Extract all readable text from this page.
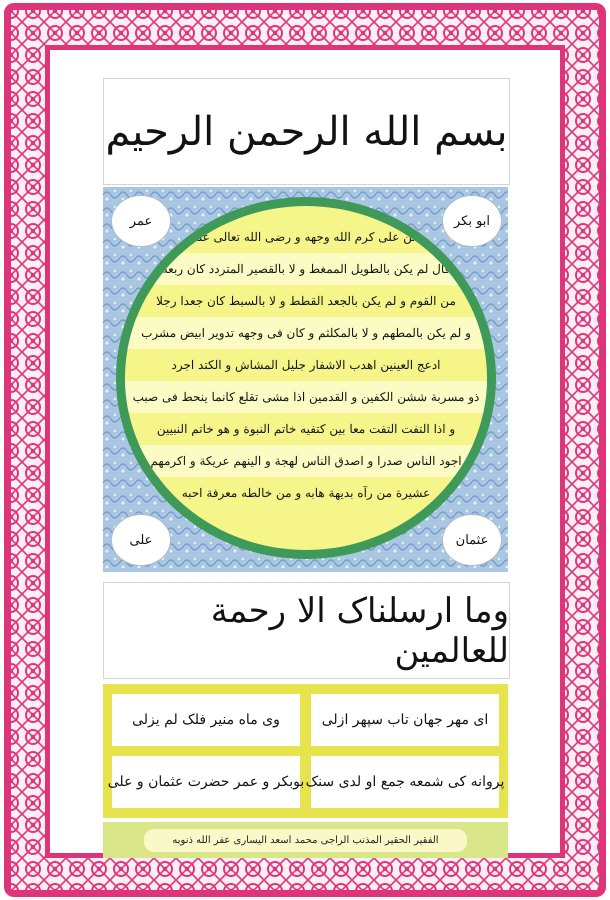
بسم الله الرحمن الرحيم
عمر	ابو بکر
علی	عثمان
عن علی کرم الله وجهه و رضی الله تعالی عنه
قال لم یکن بالطویل الممغط و لا بالقصیر المتردد کان ربعة
من القوم و لم یکن بالجعد القطط و لا بالسبط کان جعدا رجلا
و لم یکن بالمطهم و لا بالمکلثم و کان فی وجهه تدویر ابیض مشرب
ادعج العینین اهدب الاشفار جلیل المشاش و الکتد اجرد
ذو مسربة ششن الکفین و القدمین اذا مشی تقلع کانما ینحط فی صبب
و اذا التفت التفت معا بین کتفیه خاتم النبوة و هو خاتم النبیین
اجود الناس صدرا و اصدق الناس لهجة و الینهم عریکة و اکرمهم
عشیرة من رآه بدیهة هابه و من خالطه معرفة احبه
وما ارسلناک الا رحمة للعالمین
ای مهر جهان تاب سپهر ازلی
وی ماه منیر فلک لم یزلی
پروانه کی شمعه جمع او لدی سنک
بوبکر و عمر حضرت عثمان و علی
الفقیر الحقیر المذنب الراجی محمد اسعد الیساری عفر الله ذنوبه
